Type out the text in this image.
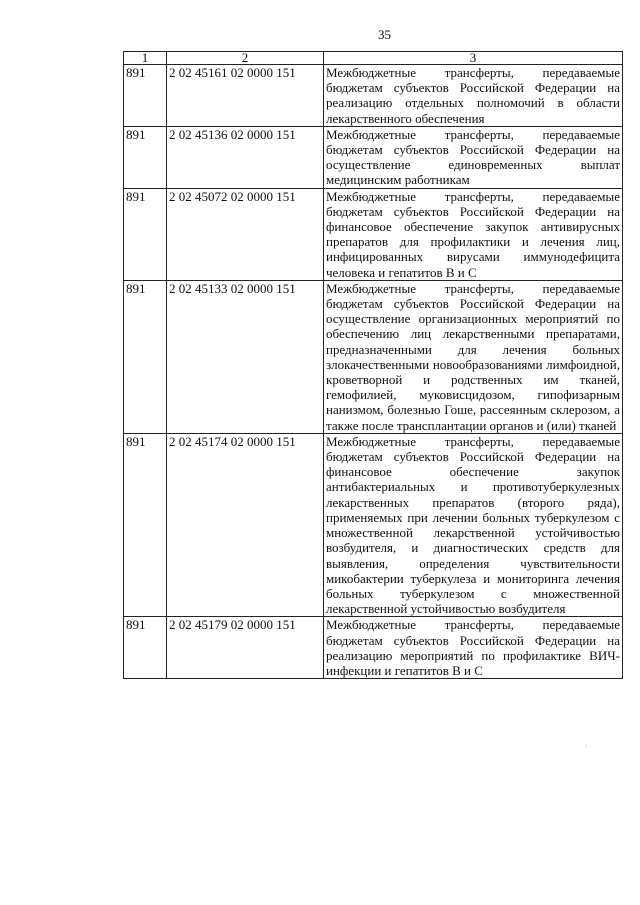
35
1	2	3
891	2 02 45161 02 0000 151	Межбюджетные трансферты, передаваемые бюджетам субъектов Российской Федерации на реализацию отдельных полномочий в области лекарственного обеспечения
891	2 02 45136 02 0000 151	Межбюджетные трансферты, передаваемые бюджетам субъектов Российской Федерации на осуществление единовременных выплат медицинским работникам
891	2 02 45072 02 0000 151	Межбюджетные трансферты, передаваемые бюджетам субъектов Российской Федерации на финансовое обеспечение закупок антивирусных препаратов для профилактики и лечения лиц, инфицированных вирусами иммунодефицита человека и гепатитов В и С
891	2 02 45133 02 0000 151	Межбюджетные трансферты, передаваемые бюджетам субъектов Российской Федерации на осуществление организационных мероприятий по обеспечению лиц лекарственными препаратами, предназначенными для лечения больных злокачественными новообразованиями лимфоидной, кроветворной и родственных им тканей, гемофилией, муковисцидозом, гипофизарным нанизмом, болезнью Гоше, рассеянным склерозом, а также после трансплантации органов и (или) тканей
891	2 02 45174 02 0000 151	Межбюджетные трансферты, передаваемые бюджетам субъектов Российской Федерации на финансовое обеспечение закупок антибактериальных и противотуберкулезных лекарственных препаратов (второго ряда), применяемых при лечении больных туберкулезом с множественной лекарственной устойчивостью возбудителя, и диагностических средств для выявления, определения чувствительности микобактерии туберкулеза и мониторинга лечения больных туберкулезом с множественной лекарственной устойчивостью возбудителя
891	2 02 45179 02 0000 151	Межбюджетные трансферты, передаваемые бюджетам субъектов Российской Федерации на реализацию мероприятий по профилактике ВИЧ-инфекции и гепатитов В и С
·
